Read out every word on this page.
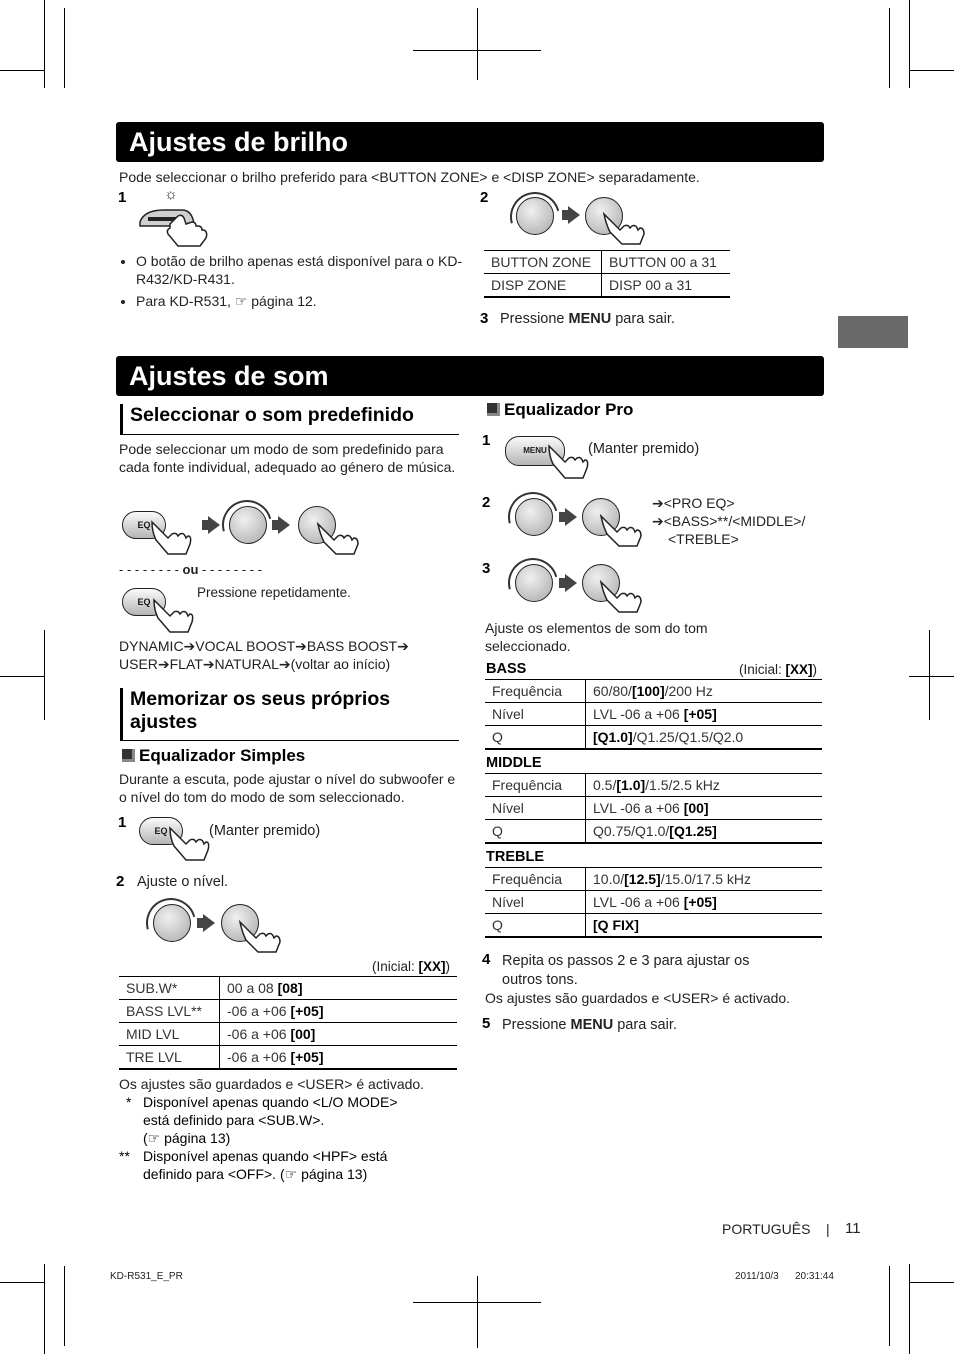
Ajustes de brilho
Pode seleccionar o brilho preferido para <BUTTON ZONE> e <DISP ZONE> separadamente.
1	☼	2
• O botão de brilho apenas está disponível para o KD-R432/KD-R431.
• Para KD-R531, ☞ página 12.
BUTTON ZONE	BUTTON 00 a 31
DISP ZONE	DISP 00 a 31
3 Pressione MENU para sair.
Ajustes de som
Seleccionar o som predefinido
Pode seleccionar um modo de som predefinido para cada fonte individual, adequado ao género de música.
EQ
- - - - - - - - ou - - - - - - - -
EQ
Pressione repetidamente.
DYNAMIC➔VOCAL BOOST➔BASS BOOST➔
USER➔FLAT➔NATURAL➔(voltar ao início)
Memorizar os seus próprios
ajustes
Equalizador Simples
Durante a escuta, pode ajustar o nível do subwoofer e o nível do tom do modo de som seleccionado.
1	EQ	(Manter premido)
2 Ajuste o nível.
(Inicial: [XX])
SUB.W*	00 a 08 [08]
BASS LVL**	-06 a +06 [+05]
MID LVL	-06 a +06 [00]
TRE LVL	-06 a +06 [+05]
Os ajustes são guardados e <USER> é activado.
* Disponível apenas quando <L/O MODE>
está definido para <SUB.W>.
(☞ página 13)
** Disponível apenas quando <HPF> está
definido para <OFF>. (☞ página 13)
Equalizador Pro
1
MENU	(Manter premido)
2	➔<PRO EQ>
➔<BASS>**/<MIDDLE>/
<TREBLE>
3
Ajuste os elementos de som do tom seleccionado.
BASS	(Inicial: [XX])
Frequência	60/80/[100]/200 Hz
Nível	LVL -06 a +06 [+05]
Q	[Q1.0]/Q1.25/Q1.5/Q2.0
MIDDLE
Frequência	0.5/[1.0]/1.5/2.5 kHz
Nível	LVL -06 a +06 [00]
Q	Q0.75/Q1.0/[Q1.25]
TREBLE
Frequência	10.0/[12.5]/15.0/17.5 kHz
Nível	LVL -06 a +06 [+05]
Q	[Q FIX]
4 Repita os passos 2 e 3 para ajustar os
outros tons.
Os ajustes são guardados e <USER> é activado.
5 Pressione MENU para sair.
PORTUGUÊS | 11
KD-R531_E_PR	2011/10/3 20:31:44
